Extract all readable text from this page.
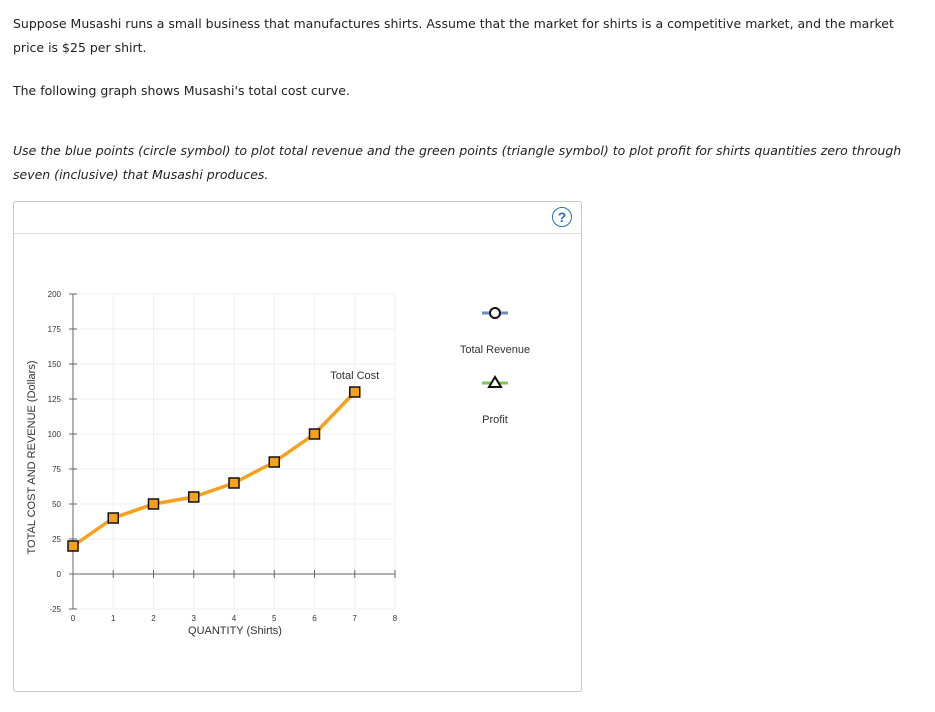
Suppose Musashi runs a small business that manufactures shirts. Assume that the market for shirts is a competitive market, and the market price is $25 per shirt.
The following graph shows Musashi's total cost curve.
Use the blue points (circle symbol) to plot total revenue and the green points (triangle symbol) to plot profit for shirts quantities zero through seven (inclusive) that Musashi produces.
?
-25
0
25
50
75
100
125
150
175
200
0	1	2	3	4	5	6	7	8
QUANTITY (Shirts)
TOTAL COST AND REVENUE (Dollars)	Total Cost
Total Revenue
Profit
